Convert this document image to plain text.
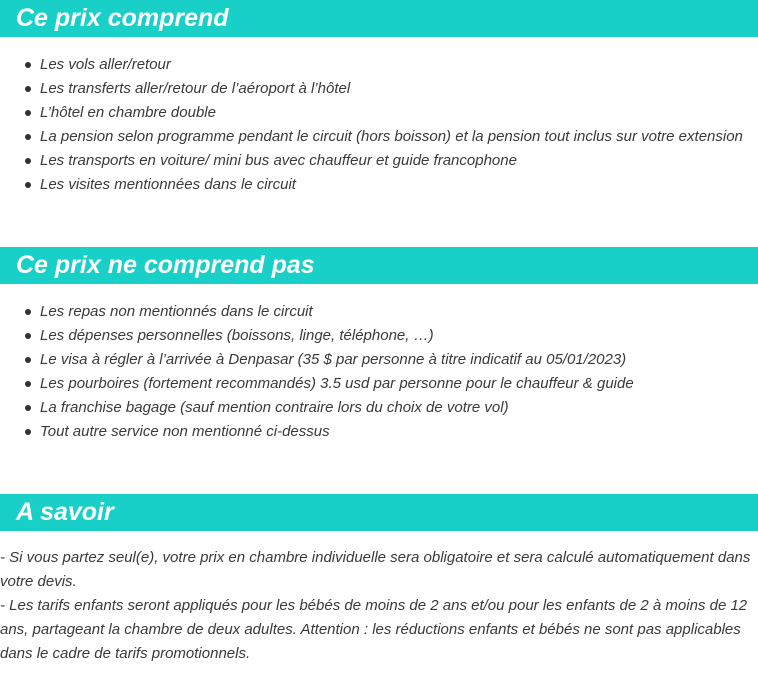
Ce prix comprend
Les vols aller/retour
Les transferts aller/retour de l’aéroport à l’hôtel
L’hôtel en chambre double
La pension selon programme pendant le circuit (hors boisson) et la pension tout inclus sur votre extension
Les transports en voiture/ mini bus avec chauffeur et guide francophone
Les visites mentionnées dans le circuit
Ce prix ne comprend pas
Les repas non mentionnés dans le circuit
Les dépenses personnelles (boissons, linge, téléphone, …)
Le visa à régler à l’arrivée à Denpasar (35 $ par personne à titre indicatif au 05/01/2023)
Les pourboires (fortement recommandés) 3.5 usd par personne pour le chauffeur & guide
La franchise bagage (sauf mention contraire lors du choix de votre vol)
Tout autre service non mentionné ci-dessus
A savoir

- Si vous partez seul(e), votre prix en chambre individuelle sera obligatoire et sera calculé automatiquement dans votre devis.

- Les tarifs enfants seront appliqués pour les bébés de moins de 2 ans et/ou pour les enfants de 2 à moins de 12 ans, partageant la chambre de deux adultes. Attention : les réductions enfants et bébés ne sont pas applicables dans le cadre de tarifs promotionnels.
